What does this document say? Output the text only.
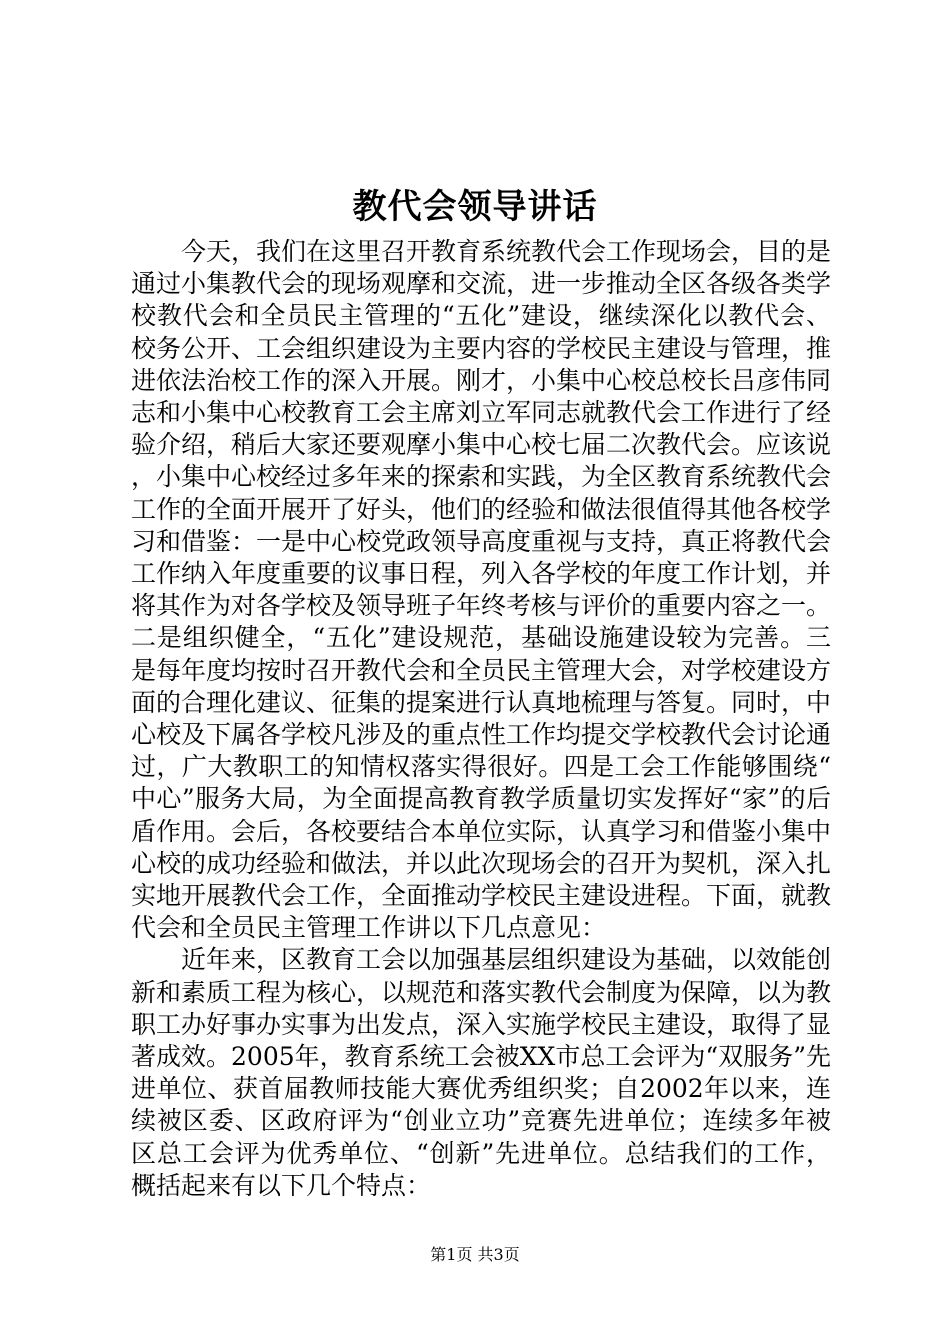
教代会领导讲话

今天，我们在这里召开教育系统教代会工作现场会，目的是通过小集教代会的现场观摩和交流，进一步推动全区各级各类学校教代会和全员民主管理的“五化”建设，继续深化以教代会、校务公开、工会组织建设为主要内容的学校民主建设与管理，推进依法治校工作的深入开展。刚才，小集中心校总校长吕彦伟同志和小集中心校教育工会主席刘立军同志就教代会工作进行了经验介绍，稍后大家还要观摩小集中心校七届二次教代会。应该说，小集中心校经过多年来的探索和实践，为全区教育系统教代会工作的全面开展开了好头，他们的经验和做法很值得其他各校学习和借鉴：一是中心校党政领导高度重视与支持，真正将教代会工作纳入年度重要的议事日程，列入各学校的年度工作计划，并将其作为对各学校及领导班子年终考核与评价的重要内容之一。二是组织健全，“五化”建设规范，基础设施建设较为完善。三是每年度均按时召开教代会和全员民主管理大会，对学校建设方面的合理化建议、征集的提案进行认真地梳理与答复。同时，中心校及下属各学校凡涉及的重点性工作均提交学校教代会讨论通过，广大教职工的知情权落实得很好。四是工会工作能够围绕“中心”服务大局，为全面提高教育教学质量切实发挥好“家”的后盾作用。会后，各校要结合本单位实际，认真学习和借鉴小集中心校的成功经验和做法，并以此次现场会的召开为契机，深入扎实地开展教代会工作，全面推动学校民主建设进程。下面，就教代会和全员民主管理工作讲以下几点意见：

近年来，区教育工会以加强基层组织建设为基础，以效能创新和素质工程为核心，以规范和落实教代会制度为保障，以为教职工办好事办实事为出发点，深入实施学校民主建设，取得了显著成效。2005年，教育系统工会被XX市总工会评为“双服务”先进单位、获首届教师技能大赛优秀组织奖；自2002年以来，连续被区委、区政府评为“创业立功”竞赛先进单位；连续多年被区总工会评为优秀单位、“创新”先进单位。总结我们的工作，概括起来有以下几个特点：

第1页 共3页
